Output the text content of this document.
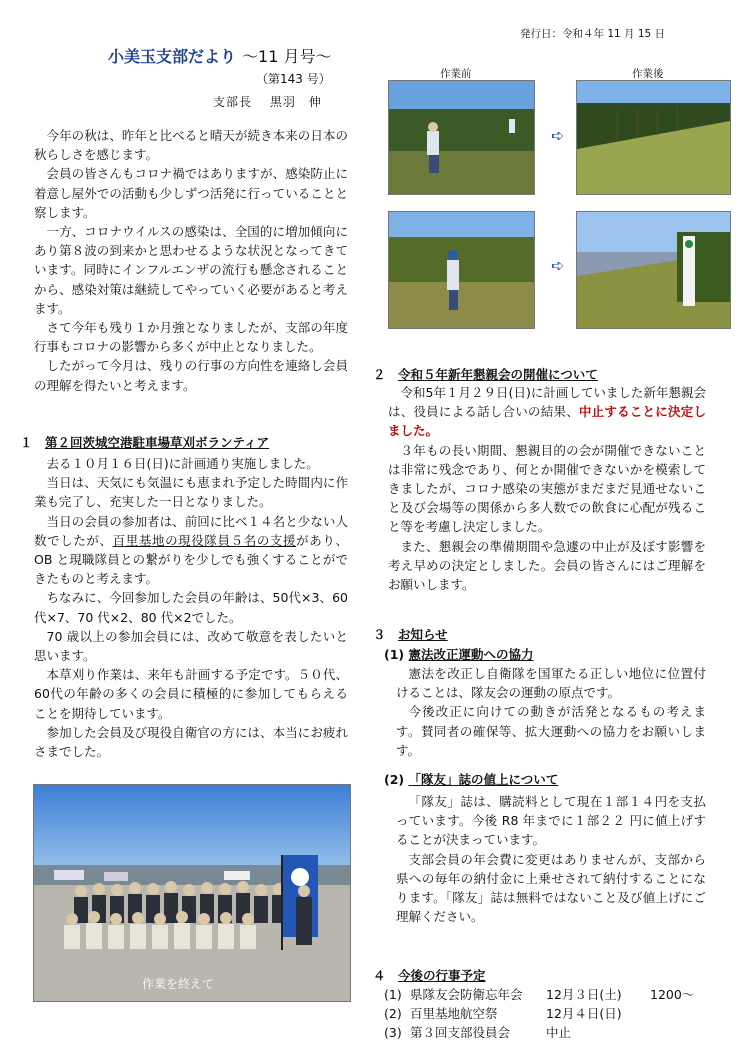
発行日：令和４年 11 月 15 日
小美玉支部だより ～11 月号～
（第143 号）
支部長　 黒羽　伸

今年の秋は、昨年と比べると晴天が続き本来の日本の秋らしさを感じます。

会員の皆さんもコロナ禍ではありますが、感染防止に着意し屋外での活動も少しずつ活発に行っていることと察します。

一方、コロナウイルスの感染は、全国的に増加傾向にあり第８波の到来かと思わせるような状況となってきています。同時にインフルエンザの流行も懸念されることから、感染対策は継続してやっていく必要があると考えます。

さて今年も残り１か月強となりましたが、支部の年度行事もコロナの影響から多くが中止となりました。

したがって今月は、残りの行事の方向性を連絡し会員の理解を得たいと考えます。

１　 第２回茨城空港駐車場草刈ボランティア

去る１０月１６日(日)に計画通り実施しました。

当日は、天気にも気温にも恵まれ予定した時間内に作業も完了し、充実した一日となりました。

当日の会員の参加者は、前回に比べ１４名と少ない人数でしたが、百里基地の現役隊員５名の支援があり、OB と現職隊員との繋がりを少しでも強くすることができたものと考えます。

ちなみに、今回参加した会員の年齢は、50代×3、60 代×7、70 代×2、80 代×2でした。

70 歳以上の参加会員には、改めて敬意を表したいと思います。

本草刈り作業は、来年も計画する予定です。５０代、60代の年齢の多くの会員に積極的に参加してもらえることを期待しています。

参加した会員及び現役自衛官の方には、本当にお疲れさまでした。

作業を終えて
作業前	作業後
➪
➪
２　 令和５年新年懇親会の開催について

令和5年１月２９日(日)に計画していました新年懇親会は、役員による話し合いの結果、中止することに決定しました。

３年もの長い期間、懇親目的の会が開催できないことは非常に残念であり、何とか開催できないかを模索してきましたが、コロナ感染の実態がまだまだ見通せないこと及び会場等の関係から多人数での飲食に心配が残ること等を考慮し決定しました。

また、懇親会の準備期間や急遽の中止が及ぼす影響を考え早めの決定としました。会員の皆さんにはご理解をお願いします。

３　 お知らせ
(1) 憲法改正運動への協力

憲法を改正し自衛隊を国軍たる正しい地位に位置付けることは、隊友会の運動の原点です。

今後改正に向けての動きが活発となるもの考えます。賛同者の確保等、拡大運動への協力をお願いします。

(2) 「隊友」誌の値上について

「隊友」誌は、購読料として現在１部１４円を支払っています。今後 R8 年までに１部２２ 円に値上げすることが決まっています。

支部会員の年会費に変更はありませんが、支部から県への毎年の納付金に上乗せされて納付することになります。「隊友」誌は無料ではないこと及び値上げにご理解ください。

４　 今後の行事予定
(1) 県隊友会防衛忘年会 12月３日(土) 1200～
(2) 百里基地航空祭	12月４日(日)
(3) 第３回支部役員会	中止
